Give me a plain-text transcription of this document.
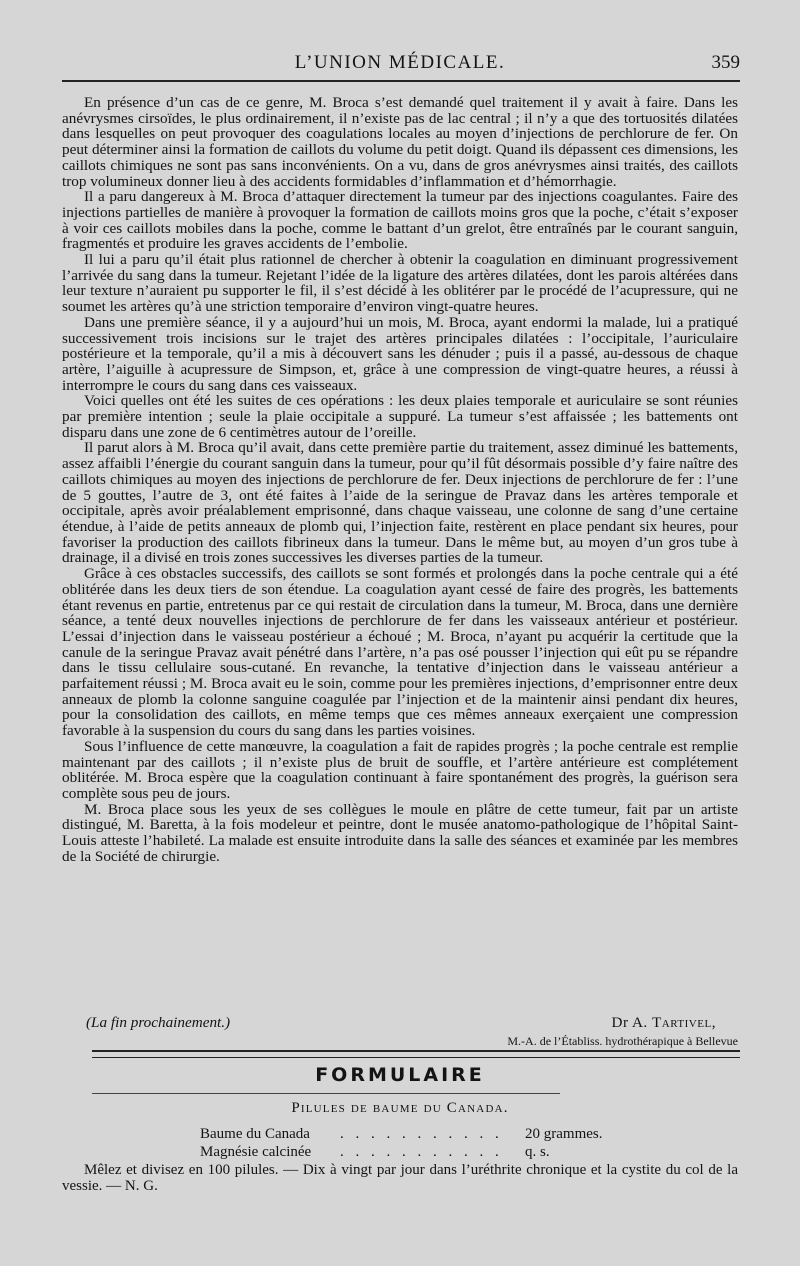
L’UNION MÉDICALE.	359

En présence d’un cas de ce genre, M. Broca s’est demandé quel traitement il y avait à faire. Dans les anévrysmes cirsoïdes, le plus ordinairement, il n’existe pas de lac central ; il n’y a que des tortuosités dilatées dans lesquelles on peut provoquer des coagulations locales au moyen d’injections de perchlorure de fer. On peut déterminer ainsi la formation de caillots du volume du petit doigt. Quand ils dépassent ces dimensions, les caillots chimiques ne sont pas sans inconvénients. On a vu, dans de gros anévrysmes ainsi traités, des caillots trop volumineux donner lieu à des accidents formidables d’inflammation et d’hémorrhagie.

Il a paru dangereux à M. Broca d’attaquer directement la tumeur par des injections coagulantes. Faire des injections partielles de manière à provoquer la formation de caillots moins gros que la poche, c’était s’exposer à voir ces caillots mobiles dans la poche, comme le battant d’un grelot, être entraînés par le courant sanguin, fragmentés et produire les graves accidents de l’embolie.

Il lui a paru qu’il était plus rationnel de chercher à obtenir la coagulation en diminuant progressivement l’arrivée du sang dans la tumeur. Rejetant l’idée de la ligature des artères dilatées, dont les parois altérées dans leur texture n’auraient pu supporter le fil, il s’est décidé à les oblitérer par le procédé de l’acupressure, qui ne soumet les artères qu’à une striction temporaire d’environ vingt-quatre heures.

Dans une première séance, il y a aujourd’hui un mois, M. Broca, ayant endormi la malade, lui a pratiqué successivement trois incisions sur le trajet des artères principales dilatées : l’occipitale, l’auriculaire postérieure et la temporale, qu’il a mis à découvert sans les dénuder ; puis il a passé, au-dessous de chaque artère, l’aiguille à acupressure de Simpson, et, grâce à une compression de vingt-quatre heures, a réussi à interrompre le cours du sang dans ces vaisseaux.

Voici quelles ont été les suites de ces opérations : les deux plaies temporale et auriculaire se sont réunies par première intention ; seule la plaie occipitale a suppuré. La tumeur s’est affaissée ; les battements ont disparu dans une zone de 6 centimètres autour de l’oreille.

Il parut alors à M. Broca qu’il avait, dans cette première partie du traitement, assez diminué les battements, assez affaibli l’énergie du courant sanguin dans la tumeur, pour qu’il fût désormais possible d’y faire naître des caillots chimiques au moyen des injections de perchlorure de fer. Deux injections de perchlorure de fer : l’une de 5 gouttes, l’autre de 3, ont été faites à l’aide de la seringue de Pravaz dans les artères temporale et occipitale, après avoir préalablement emprisonné, dans chaque vaisseau, une colonne de sang d’une certaine étendue, à l’aide de petits anneaux de plomb qui, l’injection faite, restèrent en place pendant six heures, pour favoriser la production des caillots fibrineux dans la tumeur. Dans le même but, au moyen d’un gros tube à drainage, il a divisé en trois zones successives les diverses parties de la tumeur.

Grâce à ces obstacles successifs, des caillots se sont formés et prolongés dans la poche centrale qui a été oblitérée dans les deux tiers de son étendue. La coagulation ayant cessé de faire des progrès, les battements étant revenus en partie, entretenus par ce qui restait de circulation dans la tumeur, M. Broca, dans une dernière séance, a tenté deux nouvelles injections de perchlorure de fer dans les vaisseaux antérieur et postérieur. L’essai d’injection dans le vaisseau postérieur a échoué ; M. Broca, n’ayant pu acquérir la certitude que la canule de la seringue Pravaz avait pénétré dans l’artère, n’a pas osé pousser l’injection qui eût pu se répandre dans le tissu cellulaire sous-cutané. En revanche, la tentative d’injection dans le vaisseau antérieur a parfaitement réussi ; M. Broca avait eu le soin, comme pour les premières injections, d’emprisonner entre deux anneaux de plomb la colonne sanguine coagulée par l’injection et de la maintenir ainsi pendant dix heures, pour la consolidation des caillots, en même temps que ces mêmes anneaux exerçaient une compression favorable à la suspension du cours du sang dans les parties voisines.

Sous l’influence de cette manœuvre, la coagulation a fait de rapides progrès ; la poche centrale est remplie maintenant par des caillots ; il n’existe plus de bruit de souffle, et l’artère antérieure est complétement oblitérée. M. Broca espère que la coagulation continuant à faire spontanément des progrès, la guérison sera complète sous peu de jours.

M. Broca place sous les yeux de ses collègues le moule en plâtre de cette tumeur, fait par un artiste distingué, M. Baretta, à la fois modeleur et peintre, dont le musée anatomo-pathologique de l’hôpital Saint-Louis atteste l’habileté. La malade est ensuite introduite dans la salle des séances et examinée par les membres de la Société de chirurgie.

(La fin prochainement.)	Dr A. Tartivel,
M.-A. de l’Établiss. hydrothérapique à Bellevue
FORMULAIRE
Pilules de baume du Canada.
Baume du Canada . . . . . . . . . . . 20 grammes.
Magnésie calcinée . . . . . . . . . . . q. s.
Mêlez et divisez en 100 pilules. — Dix à vingt par jour dans l’uréthrite chronique et la cystite du col de la vessie. — N. G.
